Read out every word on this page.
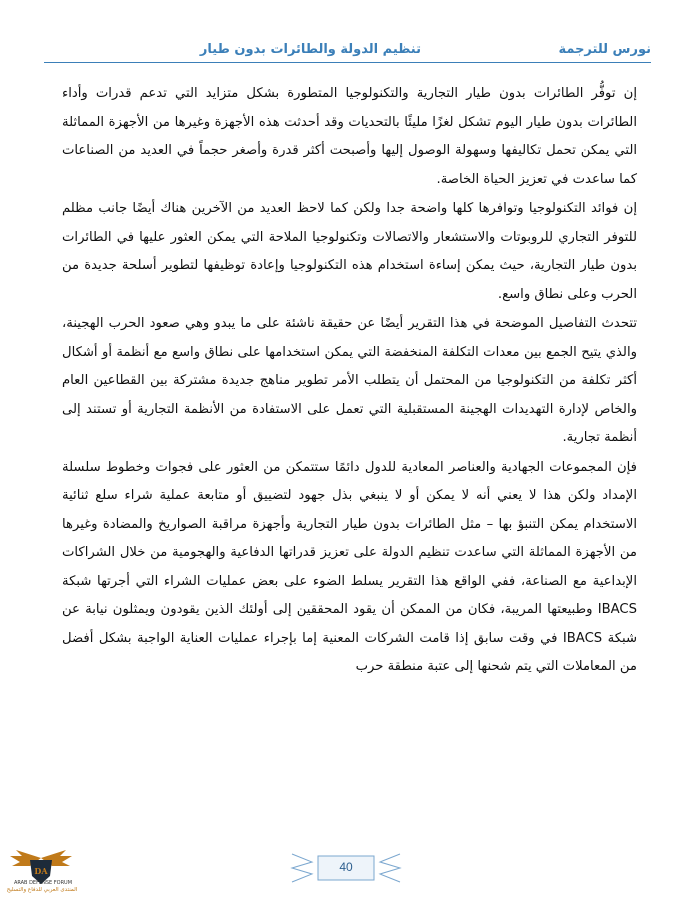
نورس للترجمة
تنظيم الدولة والطائرات بدون طيار

إن توفُّر الطائرات بدون طيار التجارية والتكنولوجيا المتطورة بشكل متزايد التي تدعم قدرات وأداء الطائرات بدون طيار اليوم تشكل لغزًا مليئًا بالتحديات وقد أحدثت هذه الأجهزة وغيرها من الأجهزة المماثلة التي يمكن تحمل تكاليفها وسهولة الوصول إليها وأصبحت أكثر قدرة وأصغر حجماً في العديد من الصناعات كما ساعدت في تعزيز الحياة الخاصة.

إن فوائد التكنولوجيا وتوافرها كلها واضحة جدا ولكن كما لاحظ العديد من الآخرين هناك أيضًا جانب مظلم للتوفر التجاري للروبوتات والاستشعار والاتصالات وتكنولوجيا الملاحة التي يمكن العثور عليها في الطائرات بدون طيار التجارية، حيث يمكن إساءة استخدام هذه التكنولوجيا وإعادة توظيفها لتطوير أسلحة جديدة من الحرب وعلى نطاق واسع.

تتحدث التفاصيل الموضحة في هذا التقرير أيضًا عن حقيقة ناشئة على ما يبدو وهي صعود الحرب الهجينة، والذي يتيح الجمع بين معدات التكلفة المنخفضة التي يمكن استخدامها على نطاق واسع مع أنظمة أو أشكال أكثر تكلفة من التكنولوجيا من المحتمل أن يتطلب الأمر تطوير مناهج جديدة مشتركة بين القطاعين العام والخاص لإدارة التهديدات الهجينة المستقبلية التي تعمل على الاستفادة من الأنظمة التجارية أو تستند إلى أنظمة تجارية.

فإن المجموعات الجهادية والعناصر المعادية للدول دائمًا ستتمكن من العثور على فجوات وخطوط سلسلة الإمداد ولكن هذا لا يعني أنه لا يمكن أو لا ينبغي بذل جهود لتضييق أو متابعة عملية شراء سلع ثنائية الاستخدام يمكن التنبؤ بها – مثل الطائرات بدون طيار التجارية وأجهزة مراقبة الصواريخ والمضادة وغيرها من الأجهزة المماثلة التي ساعدت تنظيم الدولة على تعزيز قدراتها الدفاعية والهجومية من خلال الشراكات الإبداعية مع الصناعة، ففي الواقع هذا التقرير يسلط الضوء على بعض عمليات الشراء التي أجرتها شبكة IBACS وطبيعتها المريبة، فكان من الممكن أن يقود المحققين إلى أولئك الذين يقودون ويمثلون نيابة عن شبكة IBACS في وقت سابق إذا قامت الشركات المعنية إما بإجراء عمليات العناية الواجبة بشكل أفضل من المعاملات التي يتم شحنها إلى عتبة منطقة حرب

DA
ARAB DEFENSE FORUM
المنتدى العربي للدفاع والتسليح
40
